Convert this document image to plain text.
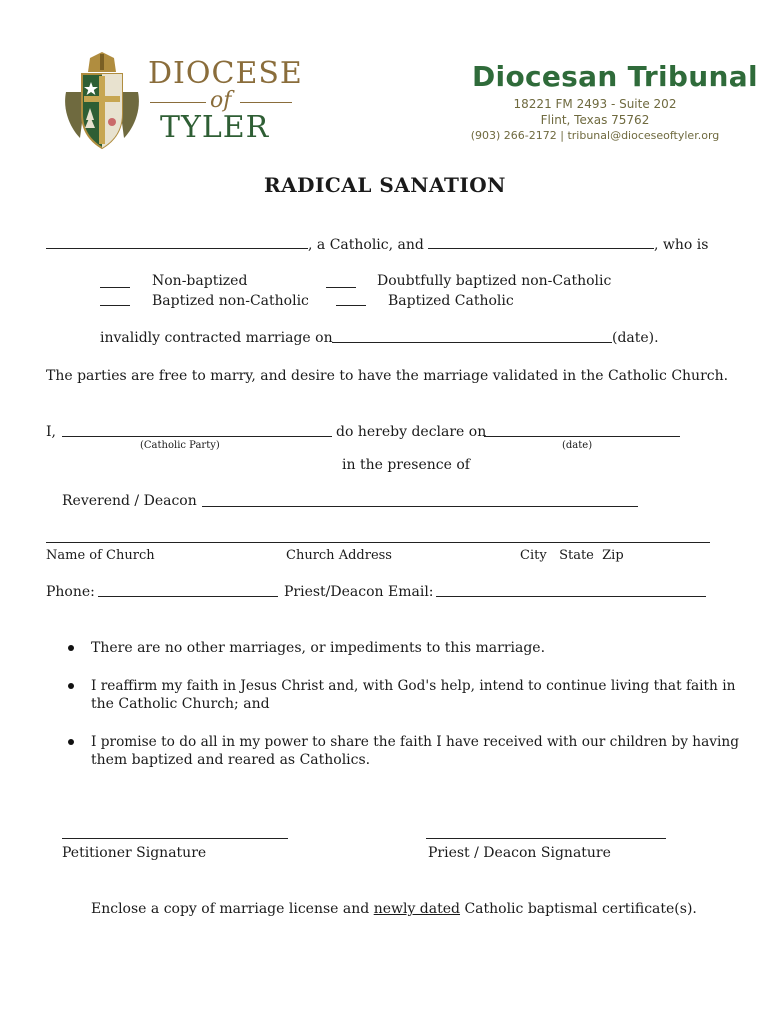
DIOCESE
of
TYLER
Diocesan Tribunal
18221 FM 2493 - Suite 202
Flint, Texas 75762
(903) 266-2172 | tribunal@dioceseoftyler.org
RADICAL SANATION
, a Catholic, and	, who is
Non-baptized	Doubtfully baptized non-Catholic
Baptized non-Catholic	Baptized Catholic
invalidly contracted marriage on	(date).
The parties are free to marry, and desire to have the marriage validated in the Catholic Church.
I,	do hereby declare on
(Catholic Party)	(date)
in the presence of
Reverend / Deacon
Name of Church	Church Address	City   State  Zip
Phone:	Priest/Deacon Email:
There are no other marriages, or impediments to this marriage.
I reaffirm my faith in Jesus Christ and, with God's help, intend to continue living that faith in
the Catholic Church; and
I promise to do all in my power to share the faith I have received with our children by having
them baptized and reared as Catholics.
Petitioner Signature	Priest / Deacon Signature
Enclose a copy of marriage license and newly dated Catholic baptismal certificate(s).
